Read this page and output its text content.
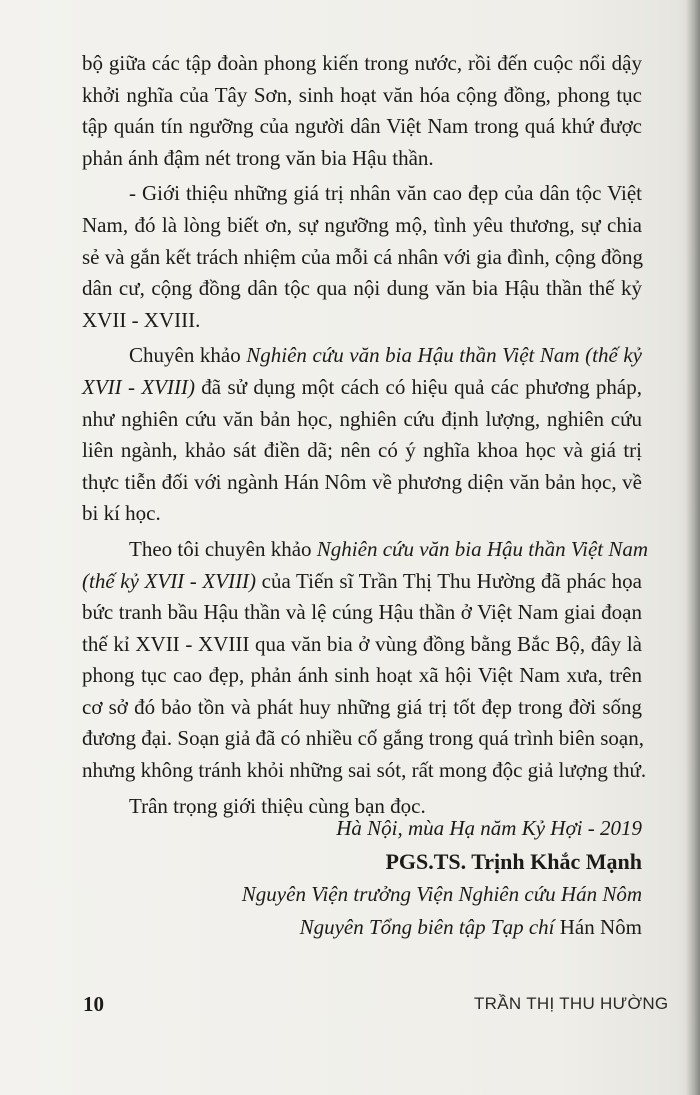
bộ giữa các tập đoàn phong kiến trong nước, rồi đến cuộc nổi dậy
khởi nghĩa của Tây Sơn, sinh hoạt văn hóa cộng đồng, phong tục
tập quán tín ngưỡng của người dân Việt Nam trong quá khứ được
phản ánh đậm nét trong văn bia Hậu thần.
- Giới thiệu những giá trị nhân văn cao đẹp của dân tộc Việt
Nam, đó là lòng biết ơn, sự ngưỡng mộ, tình yêu thương, sự chia
sẻ và gắn kết trách nhiệm của mỗi cá nhân với gia đình, cộng đồng
dân cư, cộng đồng dân tộc qua nội dung văn bia Hậu thần thế kỷ
XVII - XVIII.
Chuyên khảo Nghiên cứu văn bia Hậu thần Việt Nam (thế kỷ
XVII - XVIII) đã sử dụng một cách có hiệu quả các phương pháp,
như nghiên cứu văn bản học, nghiên cứu định lượng, nghiên cứu
liên ngành, khảo sát điền dã; nên có ý nghĩa khoa học và giá trị
thực tiễn đối với ngành Hán Nôm về phương diện văn bản học, về
bi kí học.
Theo tôi chuyên khảo Nghiên cứu văn bia Hậu thần Việt Nam
(thế kỷ XVII - XVIII) của Tiến sĩ Trần Thị Thu Hường đã phác họa
bức tranh bầu Hậu thần và lệ cúng Hậu thần ở Việt Nam giai đoạn
thế kỉ XVII - XVIII qua văn bia ở vùng đồng bằng Bắc Bộ, đây là
phong tục cao đẹp, phản ánh sinh hoạt xã hội Việt Nam xưa, trên
cơ sở đó bảo tồn và phát huy những giá trị tốt đẹp trong đời sống
đương đại. Soạn giả đã có nhiều cố gắng trong quá trình biên soạn,
nhưng không tránh khỏi những sai sót, rất mong độc giả lượng thứ.
Trân trọng giới thiệu cùng bạn đọc.
Hà Nội, mùa Hạ năm Kỷ Hợi - 2019
PGS.TS. Trịnh Khắc Mạnh
Nguyên Viện trưởng Viện Nghiên cứu Hán Nôm
Nguyên Tổng biên tập Tạp chí Hán Nôm
10	TRẦN THỊ THU HƯỜNG
